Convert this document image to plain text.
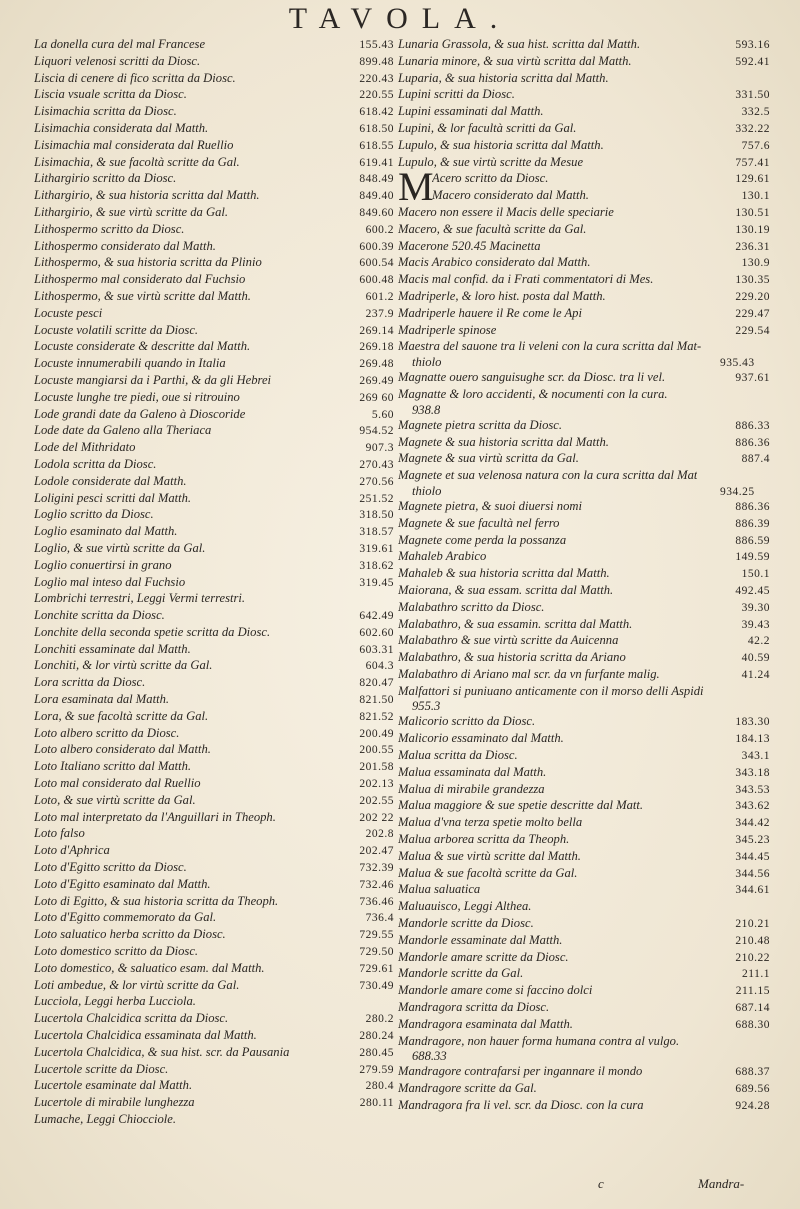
TAVOLA.
La donella cura del mal Francese	155.43
Liquori velenosi scritti da Diosc.	899.48
Liscia di cenere di fico scritta da Diosc.	220.43
Liscia vsuale scritta da Diosc.	220.55
Lisimachia scritta da Diosc.	618.42
Lisimachia considerata dal Matth.	618.50
Lisimachia mal considerata dal Ruellio	618.55
Lisimachia, & sue facoltà scritte da Gal.	619.41
Lithargirio scritto da Diosc.	848.49
Lithargirio, & sua historia scritta dal Matth.	849.40
Lithargirio, & sue virtù scritte da Gal.	849.60
Lithospermo scritto da Diosc.	600.2
Lithospermo considerato dal Matth.	600.39
Lithospermo, & sua historia scritta da Plinio	600.54
Lithospermo mal considerato dal Fuchsio	600.48
Lithospermo, & sue virtù scritte dal Matth.	601.2
Locuste pesci	237.9
Locuste volatili scritte da Diosc.	269.14
Locuste considerate & descritte dal Matth.	269.18
Locuste innumerabili quando in Italia	269.48
Locuste mangiarsi da i Parthi, & da gli Hebrei	269.49
Locuste lunghe tre piedi, oue si ritrouino	269 60
Lode grandi date da Galeno à Dioscoride	5.60
Lode date da Galeno alla Theriaca	954.52
Lode del Mithridato	907.3
Lodola scritta da Diosc.	270.43
Lodole considerate dal Matth.	270.56
Loligini pesci scritti dal Matth.	251.52
Loglio scritto da Diosc.	318.50
Loglio esaminato dal Matth.	318.57
Loglio, & sue virtù scritte da Gal.	319.61
Loglio conuertirsi in grano	318.62
Loglio mal inteso dal Fuchsio	319.45
Lombrichi terrestri, Leggi Vermi terrestri.
Lonchite scritta da Diosc.	642.49
Lonchite della seconda spetie scritta da Diosc.	602.60
Lonchiti essaminate dal Matth.	603.31
Lonchiti, & lor virtù scritte da Gal.	604.3
Lora scritta da Diosc.	820.47
Lora esaminata dal Matth.	821.50
Lora, & sue facoltà scritte da Gal.	821.52
Loto albero scritto da Diosc.	200.49
Loto albero considerato dal Matth.	200.55
Loto Italiano scritto dal Matth.	201.58
Loto mal considerato dal Ruellio	202.13
Loto, & sue virtù scritte da Gal.	202.55
Loto mal interpretato da l'Anguillari in Theoph.	202 22
Loto falso	202.8
Loto d'Aphrica	202.47
Loto d'Egitto scritto da Diosc.	732.39
Loto d'Egitto esaminato dal Matth.	732.46
Loto di Egitto, & sua historia scritta da Theoph.	736.46
Loto d'Egitto commemorato da Gal.	736.4
Loto saluatico herba scritto da Diosc.	729.55
Loto domestico scritto da Diosc.	729.50
Loto domestico, & saluatico esam. dal Matth.	729.61
Loti ambedue, & lor virtù scritte da Gal.	730.49
Lucciola, Leggi herba Lucciola.
Lucertola Chalcidica scritta da Diosc.	280.2
Lucertola Chalcidica essaminata dal Matth.	280.24
Lucertola Chalcidica, & sua hist. scr. da Pausania	280.45
Lucertole scritte da Diosc.	279.59
Lucertole esaminate dal Matth.	280.4
Lucertole di mirabile lunghezza	280.11
Lumache, Leggi Chiocciole.
Lunaria Grassola, & sua hist. scritta dal Matth.	593.16
Lunaria minore, & sua virtù scritta dal Matth.	592.41
Luparia, & sua historia scritta dal Matth.
Lupini scritti da Diosc.	331.50
Lupini essaminati dal Matth.	332.5
Lupini, & lor facultà scritti da Gal.	332.22
Lupulo, & sua historia scritta dal Matth.	757.6
Lupulo, & sue virtù scritte da Mesue	757.41
M
Acero scritto da Diosc.	129.61
Macero considerato dal Matth.	130.1
Macero non essere il Macis delle speciarie	130.51
Macero, & sue facultà scritte da Gal.	130.19
Macerone 520.45 Macinetta	236.31
Macis Arabico considerato dal Matth.	130.9
Macis mal confid. da i Frati commentatori di Mes.	130.35
Madriperle, & loro hist. posta dal Matth.	229.20
Madriperle hauere il Re come le Api	229.47
Madriperle spinose	229.54
Maestra del sauone tra li veleni con la cura scritta dal Mat-
thiolo	935.43
Magnatte ouero sanguisughe scr. da Diosc. tra li vel.	937.61
Magnatte & loro accidenti, & nocumenti con la cura.
938.8
Magnete pietra scritta da Diosc.	886.33
Magnete & sua historia scritta dal Matth.	886.36
Magnete & sua virtù scritta da Gal.	887.4
Magnete et sua velenosa natura con la cura scritta dal Mat
thiolo	934.25
Magnete pietra, & suoi diuersi nomi	886.36
Magnete & sue facultà nel ferro	886.39
Magnete come perda la possanza	886.59
Mahaleb Arabico	149.59
Mahaleb & sua historia scritta dal Matth.	150.1
Maiorana, & sua essam. scritta dal Matth.	492.45
Malabathro scritto da Diosc.	39.30
Malabathro, & sua essamin. scritta dal Matth.	39.43
Malabathro & sue virtù scritte da Auicenna	42.2
Malabathro, & sua historia scritta da Ariano	40.59
Malabathro di Ariano mal scr. da vn furfante malig.	41.24
Malfattori si puniuano anticamente con il morso delli Aspidi
955.3
Malicorio scritto da Diosc.	183.30
Malicorio essaminato dal Matth.	184.13
Malua scritta da Diosc.	343.1
Malua essaminata dal Matth.	343.18
Malua di mirabile grandezza	343.53
Malua maggiore & sue spetie descritte dal Matt.	343.62
Malua d'vna terza spetie molto bella	344.42
Malua arborea scritta da Theoph.	345.23
Malua & sue virtù scritte dal Matth.	344.45
Malua & sue facoltà scritte da Gal.	344.56
Malua saluatica	344.61
Maluauisco, Leggi Althea.
Mandorle scritte da Diosc.	210.21
Mandorle essaminate dal Matth.	210.48
Mandorle amare scritte da Diosc.	210.22
Mandorle scritte da Gal.	211.1
Mandorle amare come si faccino dolci	211.15
Mandragora scritta da Diosc.	687.14
Mandragora esaminata dal Matth.	688.30
Mandragore, non hauer forma humana contra al vulgo.
688.33
Mandragore contrafarsi per ingannare il mondo	688.37
Mandragore scritte da Gal.	689.56
Mandragora fra li vel. scr. da Diosc. con la cura	924.28
c	Mandra-
